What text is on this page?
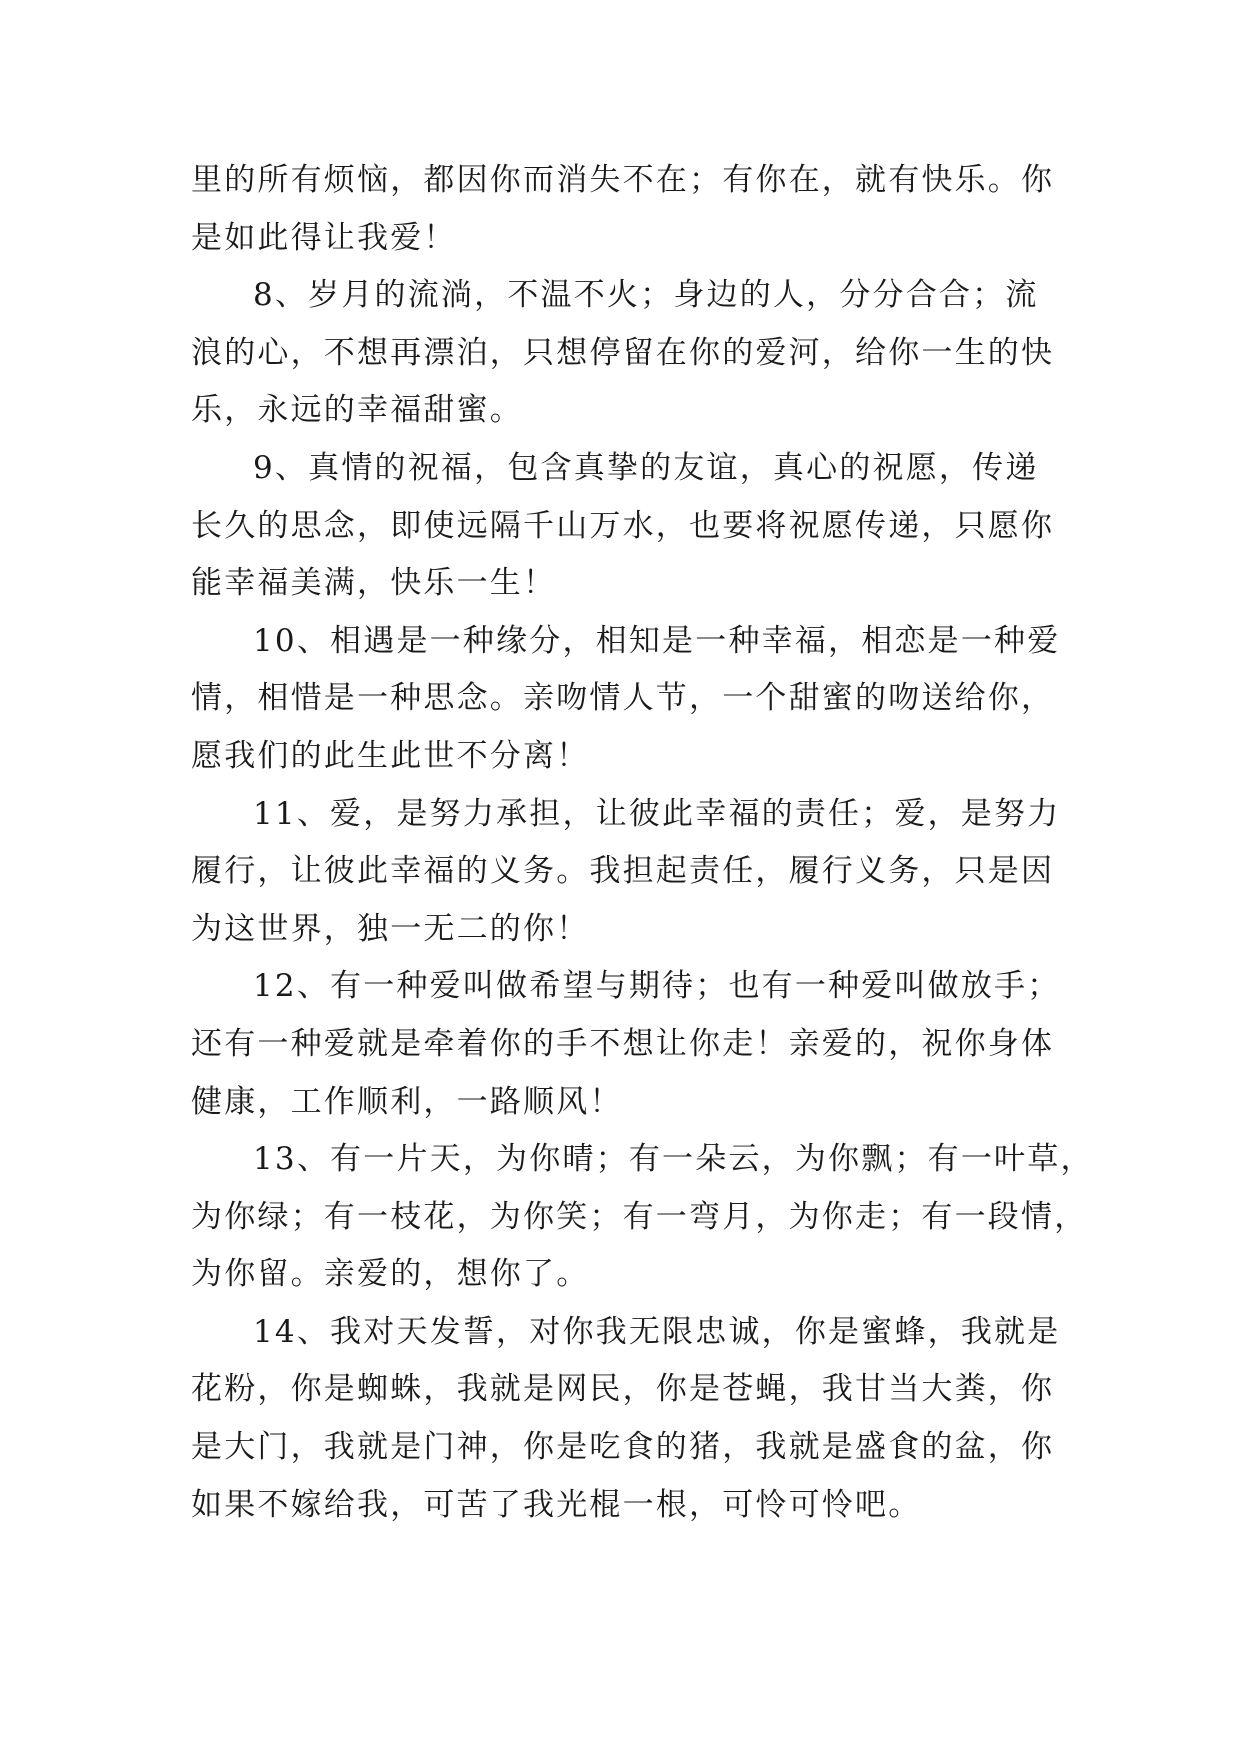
里的所有烦恼，都因你而消失不在；有你在，就有快乐。你
是如此得让我爱！
8、岁月的流淌，不温不火；身边的人，分分合合；流
浪的心，不想再漂泊，只想停留在你的爱河，给你一生的快
乐，永远的幸福甜蜜。
9、真情的祝福，包含真挚的友谊，真心的祝愿，传递
长久的思念，即使远隔千山万水，也要将祝愿传递，只愿你
能幸福美满，快乐一生！
10、相遇是一种缘分，相知是一种幸福，相恋是一种爱
情，相惜是一种思念。亲吻情人节，一个甜蜜的吻送给你，
愿我们的此生此世不分离！
11、爱，是努力承担，让彼此幸福的责任；爱，是努力
履行，让彼此幸福的义务。我担起责任，履行义务，只是因
为这世界，独一无二的你！
12、有一种爱叫做希望与期待；也有一种爱叫做放手；
还有一种爱就是牵着你的手不想让你走！亲爱的，祝你身体
健康，工作顺利，一路顺风！
13、有一片天，为你晴；有一朵云，为你飘；有一叶草，
为你绿；有一枝花，为你笑；有一弯月，为你走；有一段情，
为你留。亲爱的，想你了。
14、我对天发誓，对你我无限忠诚，你是蜜蜂，我就是
花粉，你是蜘蛛，我就是网民，你是苍蝇，我甘当大粪，你
是大门，我就是门神，你是吃食的猪，我就是盛食的盆，你
如果不嫁给我，可苦了我光棍一根，可怜可怜吧。
